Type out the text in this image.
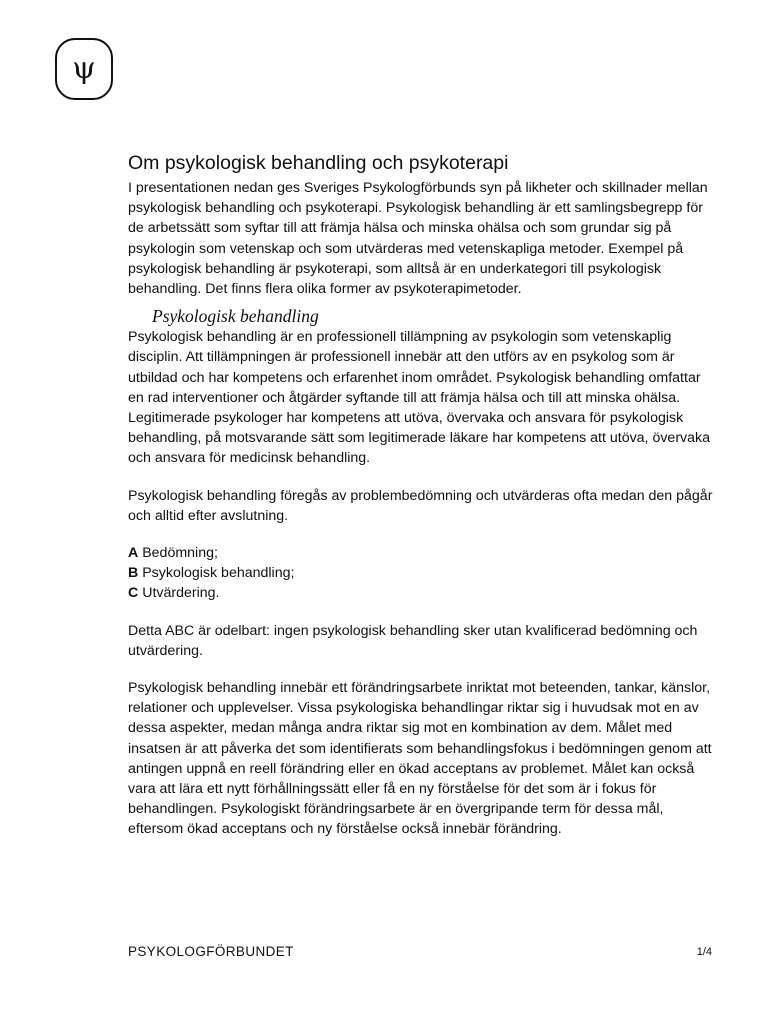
ψ
Om psykologisk behandling och psykoterapi

I presentationen nedan ges Sveriges Psykologförbunds syn på likheter och skillnader mellan psykologisk behandling och psykoterapi. Psykologisk behandling är ett samlingsbegrepp för de arbetssätt som syftar till att främja hälsa och minska ohälsa och som grundar sig på psykologin som vetenskap och som utvärderas med vetenskapliga metoder. Exempel på psykologisk behandling är psykoterapi, som alltså är en underkategori till psykologisk behandling. Det finns flera olika former av psykoterapimetoder.

Psykologisk behandling

Psykologisk behandling är en professionell tillämpning av psykologin som vetenskaplig disciplin. Att tillämpningen är professionell innebär att den utförs av en psykolog som är utbildad och har kompetens och erfarenhet inom området. Psykologisk behandling omfattar en rad interventioner och åtgärder syftande till att främja hälsa och till att minska ohälsa. Legitimerade psykologer har kompetens att utöva, övervaka och ansvara för psykologisk behandling, på motsvarande sätt som legitimerade läkare har kompetens att utöva, övervaka och ansvara för medicinsk behandling.

Psykologisk behandling föregås av problembedömning och utvärderas ofta medan den pågår och alltid efter avslutning.

A Bedömning;
B Psykologisk behandling;
C Utvärdering.

Detta ABC är odelbart: ingen psykologisk behandling sker utan kvalificerad bedömning och utvärdering.

Psykologisk behandling innebär ett förändringsarbete inriktat mot beteenden, tankar, känslor, relationer och upplevelser. Vissa psykologiska behandlingar riktar sig i huvudsak mot en av dessa aspekter, medan många andra riktar sig mot en kombination av dem. Målet med insatsen är att påverka det som identifierats som behandlingsfokus i bedömningen genom att antingen uppnå en reell förändring eller en ökad acceptans av problemet. Målet kan också vara att lära ett nytt förhållningssätt eller få en ny förståelse för det som är i fokus för behandlingen. Psykologiskt förändringsarbete är en övergripande term för dessa mål, eftersom ökad acceptans och ny förståelse också innebär förändring.

PSYKOLOGFÖRBUNDET	1/4
